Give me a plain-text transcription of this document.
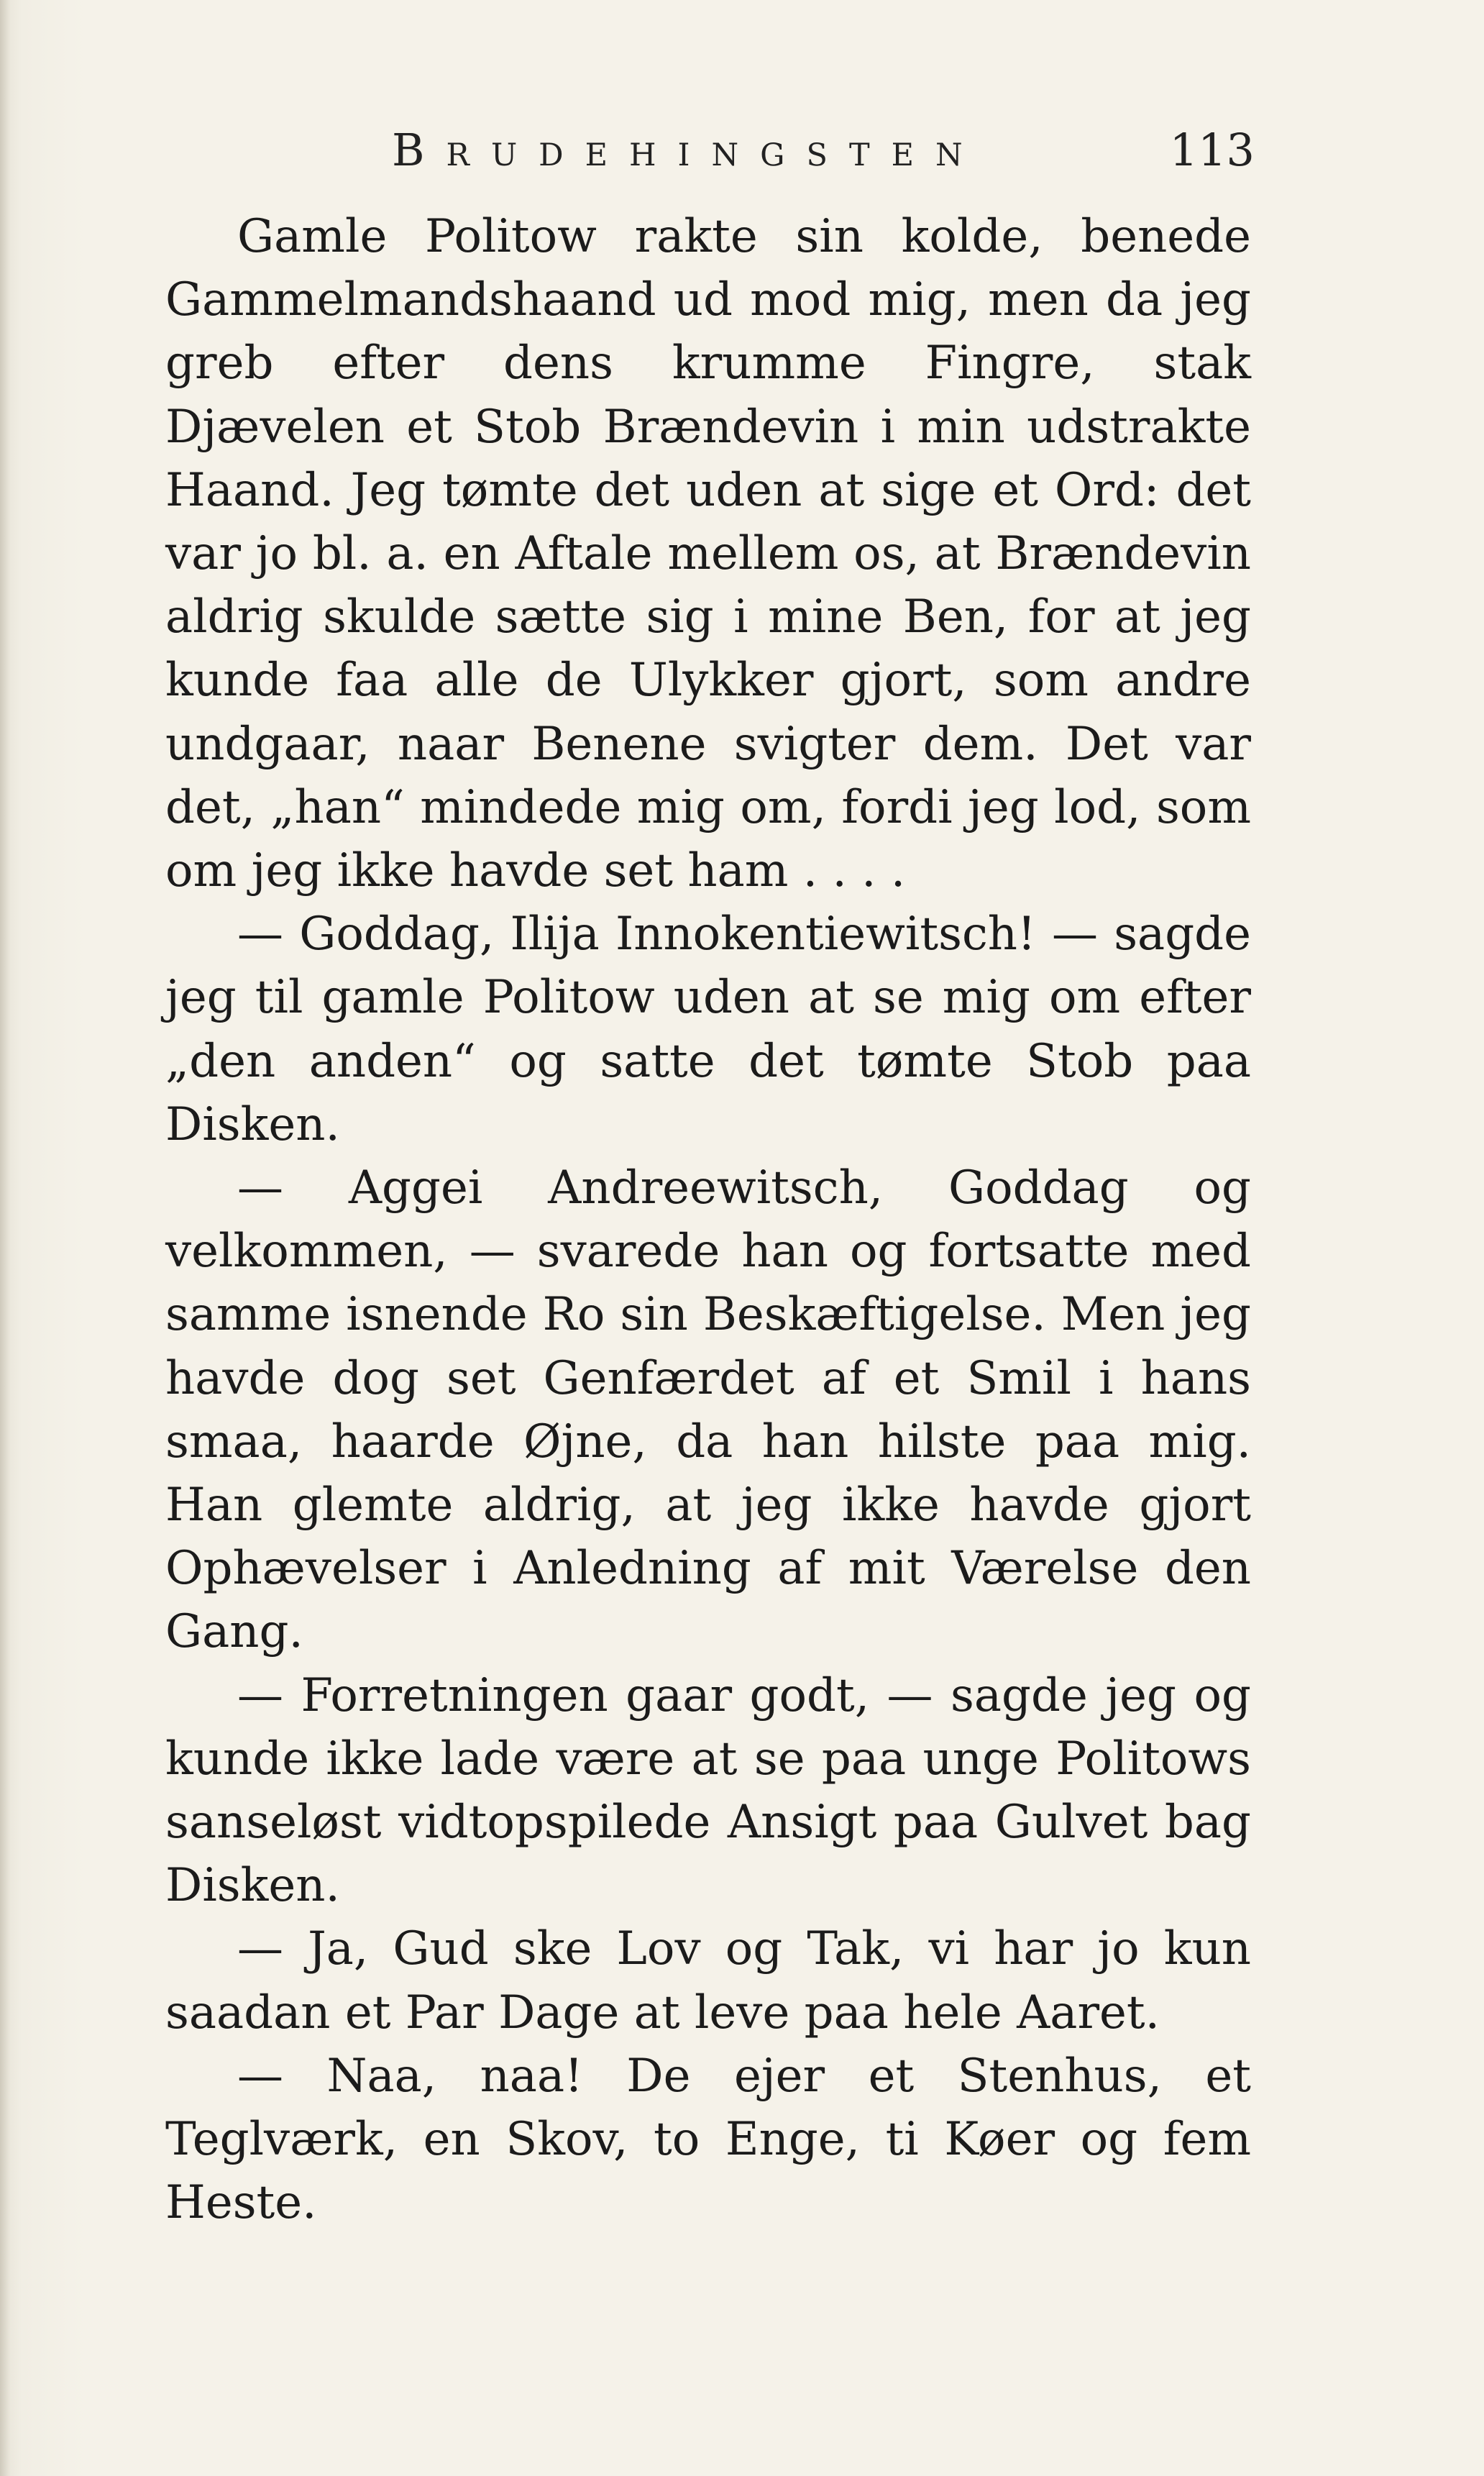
Brudehingsten	113

Gamle Politow rakte sin kolde, benede Gammelmandshaand ud mod mig, men da jeg greb efter dens krumme Fingre, stak Djævelen et Stob Brændevin i min udstrakte Haand. Jeg tømte det uden at sige et Ord: det var jo bl. a. en Aftale mellem os, at Brændevin aldrig skulde sætte sig i mine Ben, for at jeg kunde faa alle de Ulykker gjort, som andre undgaar, naar Benene svigter dem. Det var det, „han“ mindede mig om, fordi jeg lod, som om jeg ikke havde set ham . . . .

— Goddag, Ilija Innokentiewitsch! — sagde jeg til gamle Politow uden at se mig om efter „den anden“ og satte det tømte Stob paa Disken.

— Aggei Andreewitsch, Goddag og velkommen, — svarede han og fortsatte med samme isnende Ro sin Beskæftigelse. Men jeg havde dog set Genfærdet af et Smil i hans smaa, haarde Øjne, da han hilste paa mig. Han glemte aldrig, at jeg ikke havde gjort Ophævelser i Anledning af mit Værelse den Gang.

— Forretningen gaar godt, — sagde jeg og kunde ikke lade være at se paa unge Politows sanseløst vidtopspilede Ansigt paa Gulvet bag Disken.

— Ja, Gud ske Lov og Tak, vi har jo kun saadan et Par Dage at leve paa hele Aaret.

— Naa, naa! De ejer et Stenhus, et Teglværk, en Skov, to Enge, ti Køer og fem Heste.
